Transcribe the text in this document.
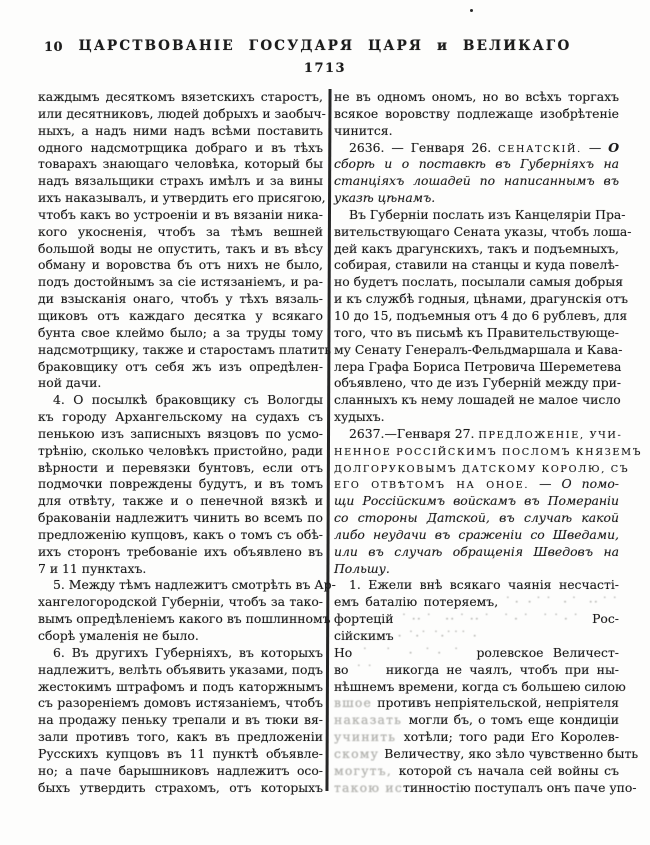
10	ЦАРСТВОВАНІЕ ГОСУДАРЯ ЦАРЯ и ВЕЛИКАГО
1713
каждымъ десяткомъ вязетскихъ старостъ,
или десятниковъ, людей добрыхъ и заобыч-
ныхъ, а надъ ними надъ всѣми поставить
одного надсмотрщика добраго и въ тѣхъ
товарахъ знающаго человѣка, который бы
надъ вязальщики страхъ имѣлъ и за вины
ихъ наказывалъ, и утвердить его присягою,
чтобъ какъ во устроеніи и въ вязаніи ника-
кого укосненія, чтобъ за тѣмъ вешней
большой воды не опустить, такъ и въ вѣсу
обману и воровства бъ отъ нихъ не было,
подъ достойнымъ за сіе истязаніемъ, и ра-
ди взысканія онаго, чтобъ у тѣхъ вязаль-
щиковъ отъ каждаго десятка у всякаго
бунта свое клеймо было; а за труды тому
надсмотрщику, также и старостамъ платить
браковщику отъ себя жъ изъ опредѣлен-
ной дачи.
4. О посылкѣ браковщику съ Вологды
къ городу Архангельскому на судахъ съ
пенькою изъ записныхъ вязцовъ по усмо-
трѣнію, сколько человѣкъ пристойно, ради
вѣрности и перевязки бунтовъ, если отъ
подмочки повреждены будутъ, и въ томъ
для отвѣту, также и о пенечной вязкѣ и
бракованіи надлежитъ чинить во всемъ по
предложенію купцовъ, какъ о томъ съ обѣ-
ихъ сторонъ требованіе ихъ объявлено въ
7 и 11 пунктахъ.
5. Между тѣмъ надлежитъ смотрѣть въ Ар-
хангелогородской Губерніи, чтобъ за тако-
вымъ опредѣленіемъ какого въ пошлинномъ
сборѣ умаленія не было.
6. Въ другихъ Губерніяхъ, въ которыхъ
надлежитъ, велѣть объявить указами, подъ
жестокимъ штрафомъ и подъ каторжнымъ
съ разореніемъ домовъ истязаніемъ, чтобъ
на продажу пеньку трепали и въ тюки вя-
зали противъ того, какъ въ предложеніи
Русскихъ купцовъ въ 11 пунктѣ объявле-
но; а паче барышниковъ надлежитъ осо-
быхъ утвердить страхомъ, отъ которыхъ
не въ одномъ ономъ, но во всѣхъ торгахъ
всякое воровству подлежаще изобрѣтеніе
чинится.
2636. — Генваря 26. СЕНАТСКІЙ. — О
сборѣ и о поставкѣ въ Губерніяхъ на
станціяхъ лошадей по написаннымъ въ
указѣ цѣнамъ.
Въ Губерніи послать изъ Канцеляріи Пра-
вительствующаго Сената указы, чтобъ лоша-
дей какъ драгунскихъ, такъ и подъемныхъ,
собирая, ставили на станцы и куда повелѣ-
но будетъ послать, посылали самыя добрыя
и къ службѣ годныя, цѣнами, драгунскія отъ
10 до 15, подъемныя отъ 4 до 6 рублевъ, для
того, что въ письмѣ къ Правительствующе-
му Сенату Генералъ-Фельдмаршала и Кава-
лера Графа Бориса Петровича Шереметева
объявлено, что де изъ Губерній между при-
сланныхъ къ нему лошадей не малое число
худыхъ.
2637.—Генваря 27. ПРЕДЛОЖЕНІЕ, УЧИ-
НЕННОЕ РОССІЙСКИМЪ ПОСЛОМЪ КНЯЗЕМЪ
ДОЛГОРУКОВЫМЪ ДАТСКОМУ КОРОЛЮ, СЪ
ЕГО ОТВѢТОМЪ НА ОНОЕ. — О помо-
щи Россійскимъ войскамъ въ Помераніи
со стороны Датской, въ случаѣ какой
либо неудачи въ сраженіи со Шведами,
или въ случаѣ обращенія Шведовъ на
Польшу.
1. Ежели внѣ всякаго чаянія несчасті-
емъ баталію потеряемъ, ˙· ·˙˙ ·˙ ··˙˙
фортецій ˙··˙ ··˙··˙ ˙·˙ ˙˙·˙ Рос-
сійскимъ · ˙·˙ ˙·˙˙˙ ·
Но ˙ ˙ · ˙· ˙ ролевское Величест-
во ˙˙ никогда не чаялъ, чтобъ при ны-
нѣшнемъ времени, когда съ большею силою
вшое противъ непріятельской, непріятеля
наказать могли бъ, о томъ еще кондиціи
учинить хотѣли; того ради Его Королев-
скому Величеству, яко зѣло чувственно быть
могутъ, которой съ начала сей войны съ
такою истинностію поступалъ онъ паче упо-
